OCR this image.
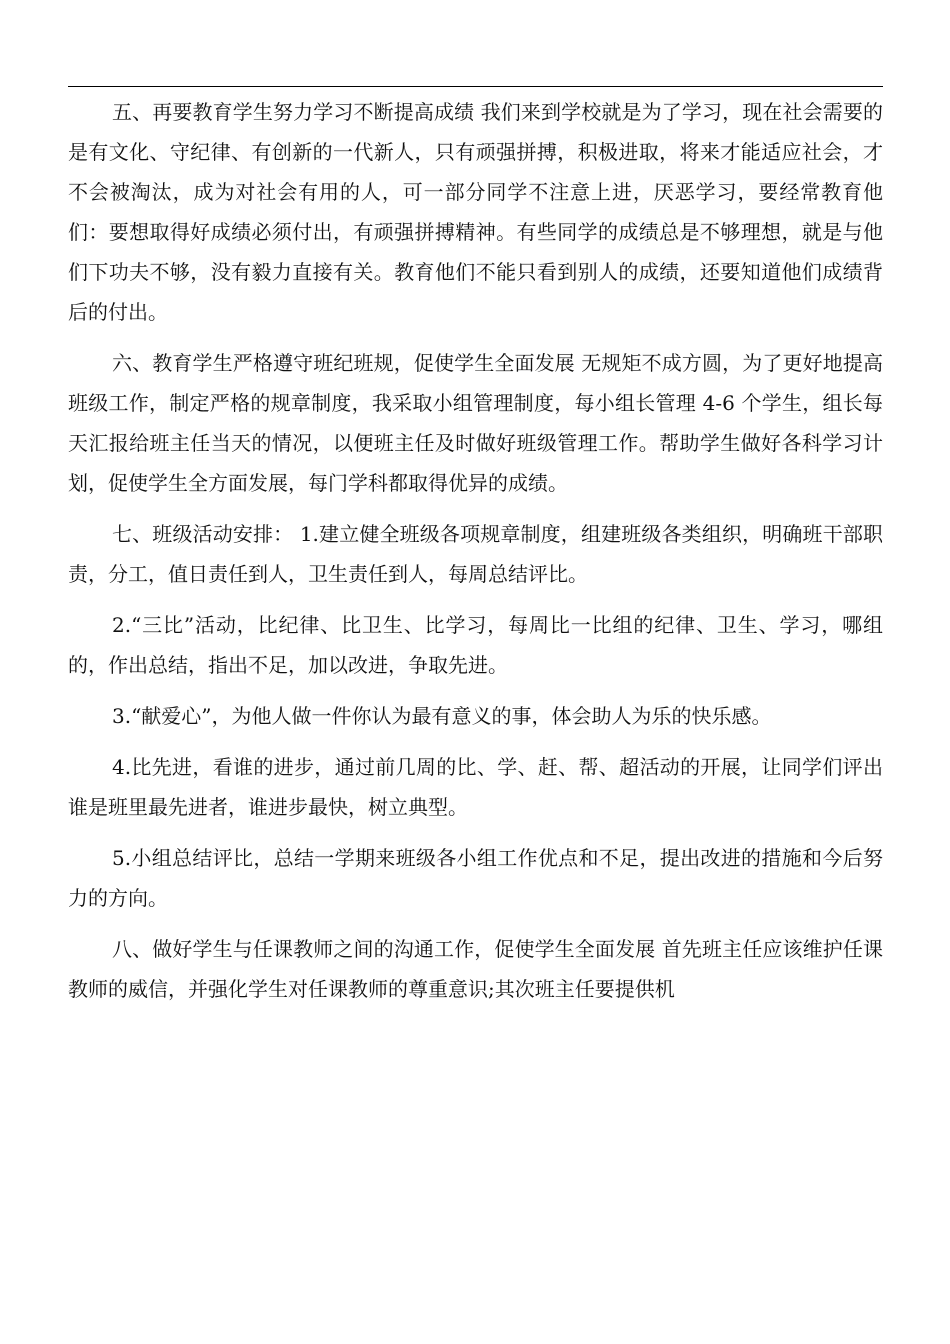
五、再要教育学生努力学习不断提高成绩 我们来到学校就是为了学习，现在社会需要的是有文化、守纪律、有创新的一代新人，只有顽强拼搏，积极进取，将来才能适应社会，才不会被淘汰，成为对社会有用的人，可一部分同学不注意上进，厌恶学习，要经常教育他们：要想取得好成绩必须付出，有顽强拼搏精神。有些同学的成绩总是不够理想，就是与他们下功夫不够，没有毅力直接有关。教育他们不能只看到别人的成绩，还要知道他们成绩背后的付出。

六、教育学生严格遵守班纪班规，促使学生全面发展 无规矩不成方圆，为了更好地提高班级工作，制定严格的规章制度，我采取小组管理制度，每小组长管理 4-6 个学生，组长每天汇报给班主任当天的情况，以便班主任及时做好班级管理工作。帮助学生做好各科学习计划，促使学生全方面发展，每门学科都取得优异的成绩。

七、班级活动安排： 1.建立健全班级各项规章制度，组建班级各类组织，明确班干部职责，分工，值日责任到人，卫生责任到人，每周总结评比。

2.“三比”活动，比纪律、比卫生、比学习，每周比一比组的纪律、卫生、学习，哪组的，作出总结，指出不足，加以改进，争取先进。

3.“献爱心”，为他人做一件你认为最有意义的事，体会助人为乐的快乐感。

4.比先进，看谁的进步，通过前几周的比、学、赶、帮、超活动的开展，让同学们评出谁是班里最先进者，谁进步最快，树立典型。

5.小组总结评比，总结一学期来班级各小组工作优点和不足，提出改进的措施和今后努力的方向。

八、做好学生与任课教师之间的沟通工作，促使学生全面发展 首先班主任应该维护任课教师的威信，并强化学生对任课教师的尊重意识;其次班主任要提供机
